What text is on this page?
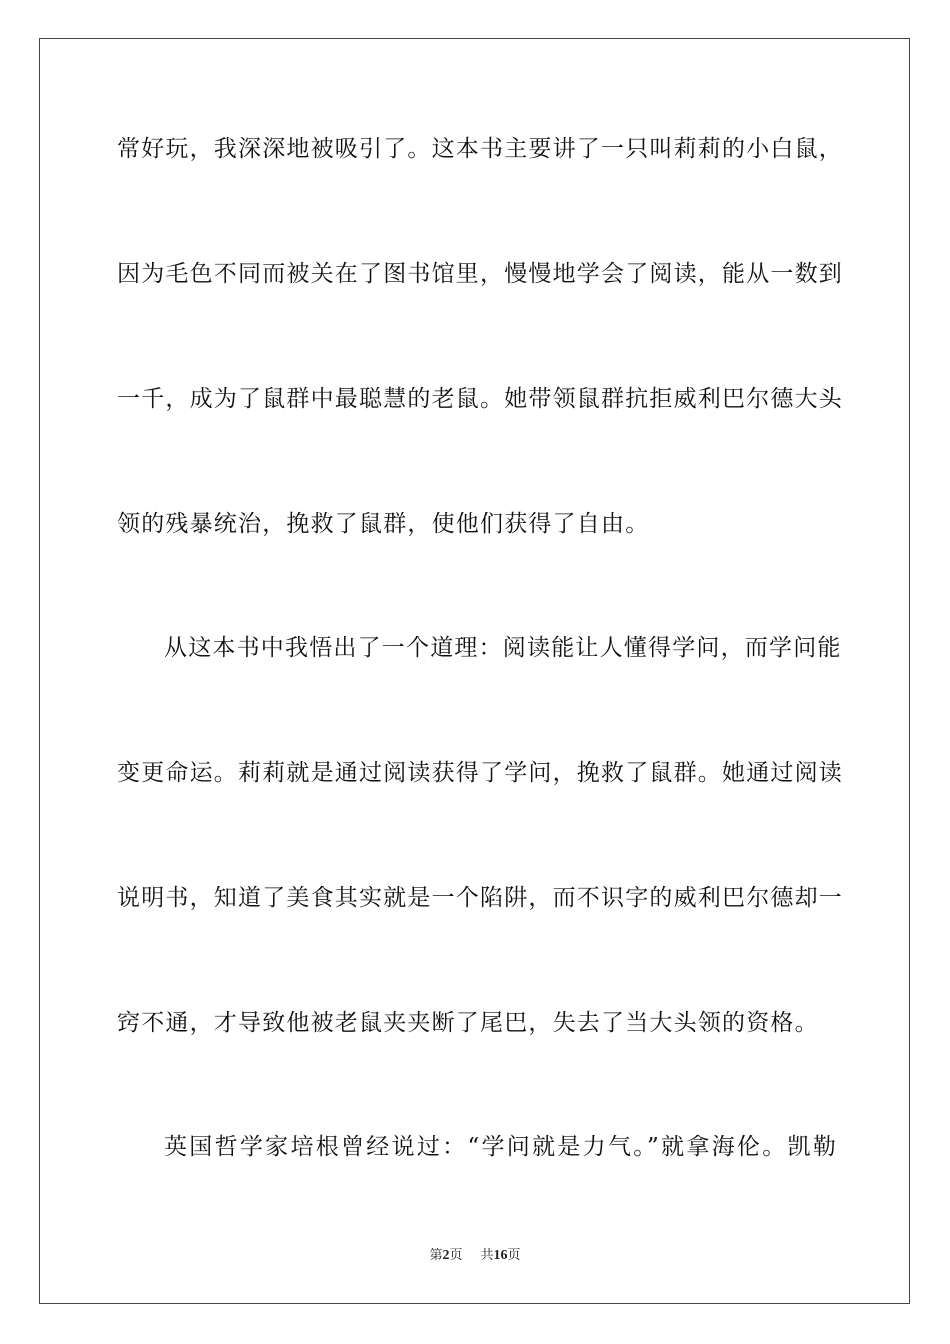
常好玩，我深深地被吸引了。这本书主要讲了一只叫莉莉的小白鼠，
因为毛色不同而被关在了图书馆里，慢慢地学会了阅读，能从一数到
一千，成为了鼠群中最聪慧的老鼠。她带领鼠群抗拒威利巴尔德大头
领的残暴统治，挽救了鼠群，使他们获得了自由。
从这本书中我悟出了一个道理：阅读能让人懂得学问，而学问能
变更命运。莉莉就是通过阅读获得了学问，挽救了鼠群。她通过阅读
说明书，知道了美食其实就是一个陷阱，而不识字的威利巴尔德却一
窍不通，才导致他被老鼠夹夹断了尾巴，失去了当大头领的资格。
英国哲学家培根曾经说过：“学问就是力气。”就拿海伦。凯勒
第2页 共16页
